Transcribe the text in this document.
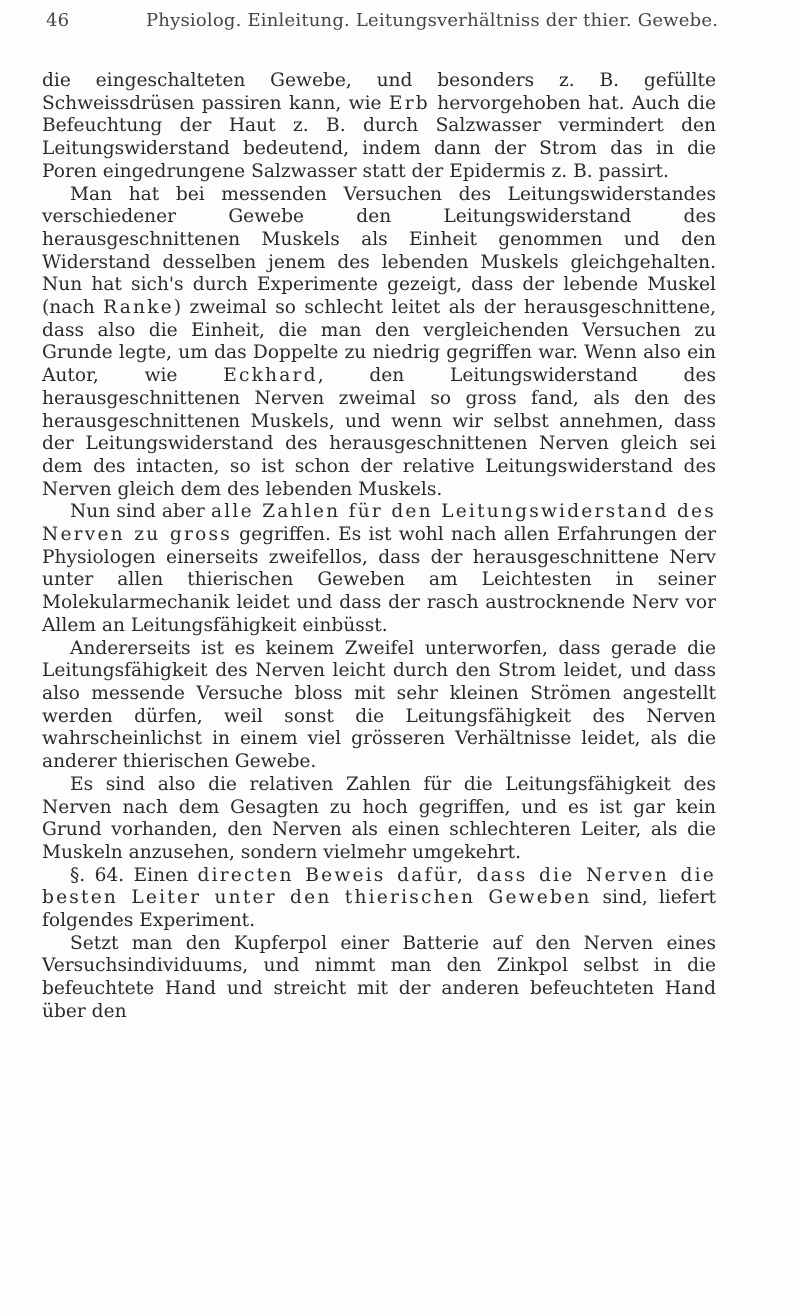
46	Physiolog. Einleitung. Leitungsverhältniss der thier. Gewebe.

die eingeschalteten Gewebe, und besonders z. B. gefüllte Schweissdrüsen passiren kann, wie Erb hervorgehoben hat. Auch die Befeuchtung der Haut z. B. durch Salzwasser vermindert den Leitungswiderstand bedeutend, indem dann der Strom das in die Poren eingedrungene Salzwasser statt der Epidermis z. B. passirt.

Man hat bei messenden Versuchen des Leitungswiderstandes verschiedener Gewebe den Leitungswiderstand des herausgeschnittenen Muskels als Einheit genommen und den Widerstand desselben jenem des lebenden Muskels gleichgehalten. Nun hat sich's durch Experimente gezeigt, dass der lebende Muskel (nach Ranke) zweimal so schlecht leitet als der herausgeschnittene, dass also die Einheit, die man den vergleichenden Versuchen zu Grunde legte, um das Doppelte zu niedrig gegriffen war. Wenn also ein Autor, wie Eckhard, den Leitungswiderstand des herausgeschnittenen Nerven zweimal so gross fand, als den des herausgeschnittenen Muskels, und wenn wir selbst annehmen, dass der Leitungswiderstand des herausgeschnittenen Nerven gleich sei dem des intacten, so ist schon der relative Leitungswiderstand des Nerven gleich dem des lebenden Muskels.

Nun sind aber alle Zahlen für den Leitungswiderstand des Nerven zu gross gegriffen. Es ist wohl nach allen Erfahrungen der Physiologen einerseits zweifellos, dass der herausgeschnittene Nerv unter allen thierischen Geweben am Leichtesten in seiner Molekularmechanik leidet und dass der rasch austrocknende Nerv vor Allem an Leitungsfähigkeit einbüsst.

Andererseits ist es keinem Zweifel unterworfen, dass gerade die Leitungsfähigkeit des Nerven leicht durch den Strom leidet, und dass also messende Versuche bloss mit sehr kleinen Strömen angestellt werden dürfen, weil sonst die Leitungsfähigkeit des Nerven wahrscheinlichst in einem viel grösseren Verhältnisse leidet, als die anderer thierischen Gewebe.

Es sind also die relativen Zahlen für die Leitungsfähigkeit des Nerven nach dem Gesagten zu hoch gegriffen, und es ist gar kein Grund vorhanden, den Nerven als einen schlechteren Leiter, als die Muskeln anzusehen, sondern vielmehr umgekehrt.

§. 64. Einen directen Beweis dafür, dass die Nerven die besten Leiter unter den thierischen Geweben sind, liefert folgendes Experiment.

Setzt man den Kupferpol einer Batterie auf den Nerven eines Versuchsindividuums, und nimmt man den Zinkpol selbst in die befeuchtete Hand und streicht mit der anderen befeuchteten Hand über den
